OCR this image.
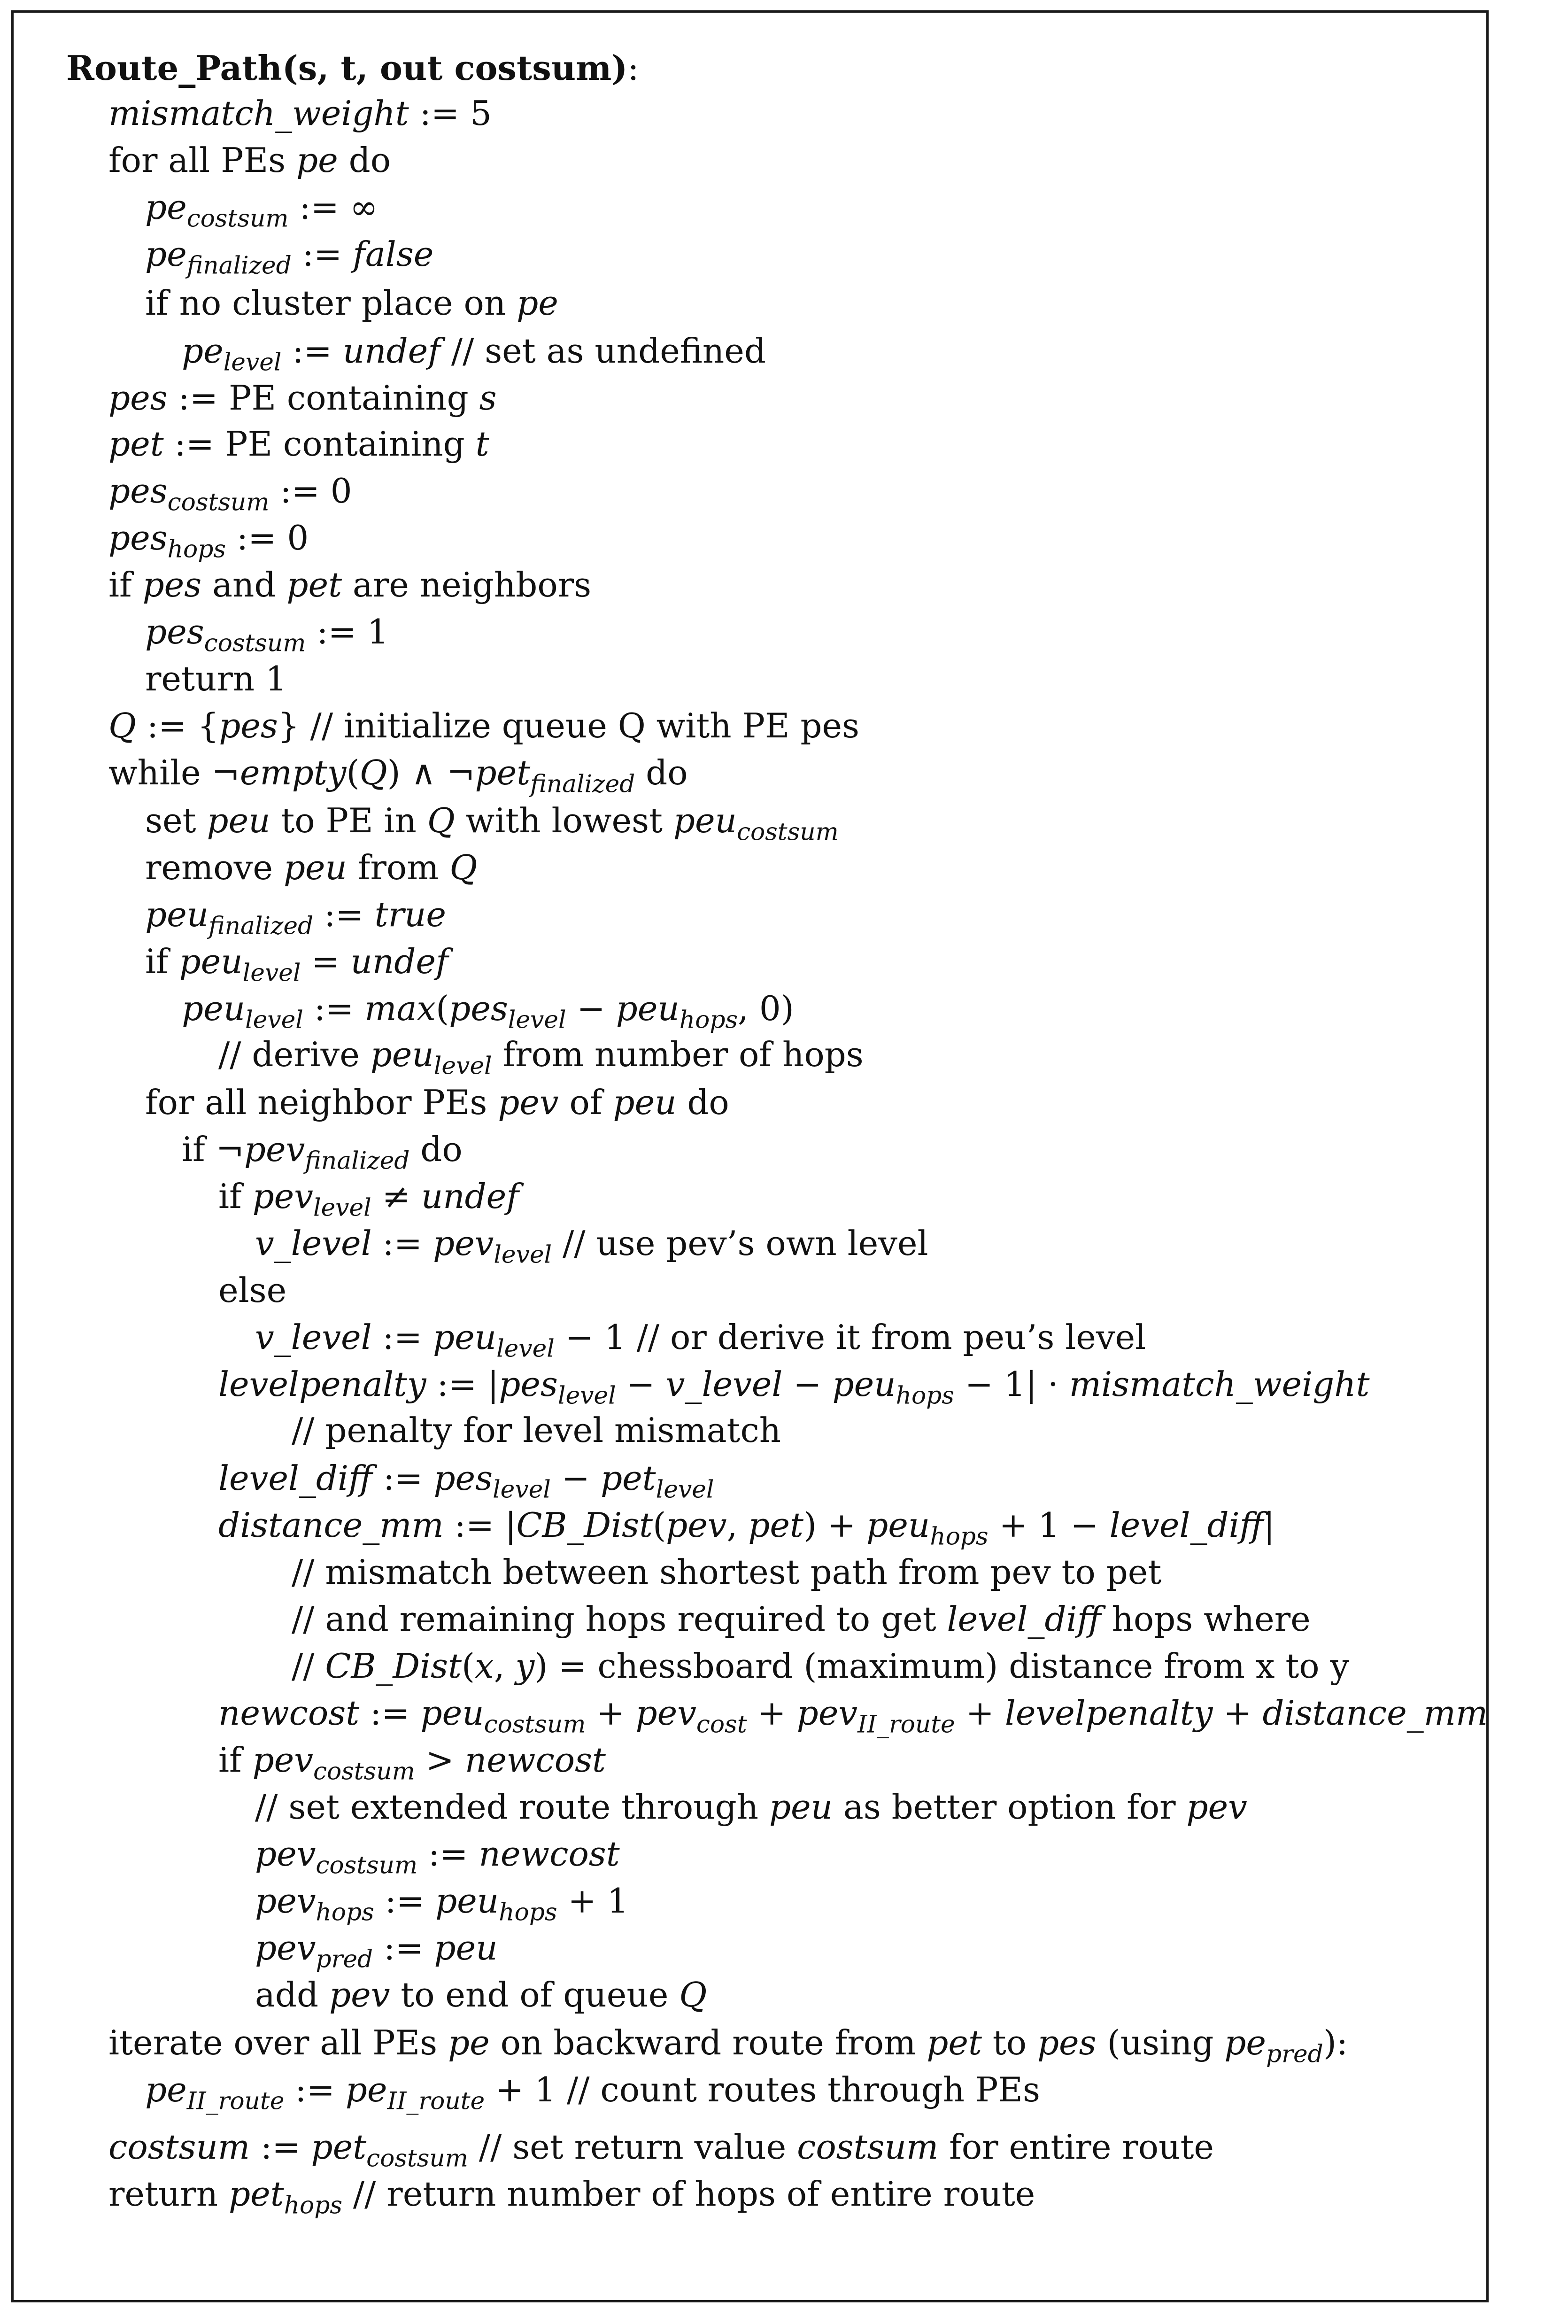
Route_Path(s, t, out costsum):
mismatch_weight := 5
for all PEs pe do
$pe_{costsum}$ := ∞
$pe_{finalized}$ := false
if no cluster place on pe
$pe_{level}$ := undef // set as undefined
pes := PE containing s
pet := PE containing t
pes$_{costsum}$ := 0
pes$_{hops}$ := 0
if pes and pet are neighbors
pes$_{costsum}$ := 1
return 1
Q := {pes} // initialize queue Q with PE pes
while ¬empty(Q) ∧ ¬pet$_{finalized}$ do
set peu to PE in Q with lowest peu$_{costsum}$
remove peu from Q
peu$_{finalized}$ := true
if peu$_{level}$ = undef
peu$_{level}$ := max(pes$_{level}$ − peu$_{hops}$, 0)
// derive peu$_{level}$ from number of hops
for all neighbor PEs pev of peu do
if ¬pev$_{finalized}$ do
if pev$_{level}$ ≠ undef
v_level := pev$_{level}$ // use pev’s own level
else
v_level := peu$_{level}$ − 1 // or derive it from peu’s level
levelpenalty := |pes$_{level}$ − v_level − peu$_{hops}$ − 1| · mismatch_weight
// penalty for level mismatch
level_diff := pes$_{level}$ − pet$_{level}$
distance_mm := |CB_Dist(pev, pet) + peu$_{hops}$ + 1 − level_diff|
// mismatch between shortest path from pev to pet
// and remaining hops required to get level_diff hops where
// CB_Dist(x, y) = chessboard (maximum) distance from x to y
newcost := peu$_{costsum}$ + pev$_{cost}$ + pev$_{II\_route}$ + levelpenalty + distance_mm
if pev$_{costsum}$ > newcost
// set extended route through peu as better option for pev
pev$_{costsum}$ := newcost
pev$_{hops}$ := peu$_{hops}$ + 1
pev$_{pred}$ := peu
add pev to end of queue Q
iterate over all PEs pe on backward route from pet to pes (using $pe_{pred}$):
$pe_{II\_route}$ := $pe_{II\_route} + 1$ // count routes through PEs
costsum := pet$_{costsum}$ // set return value costsum for entire route
return pet$_{hops}$ // return number of hops of entire route
